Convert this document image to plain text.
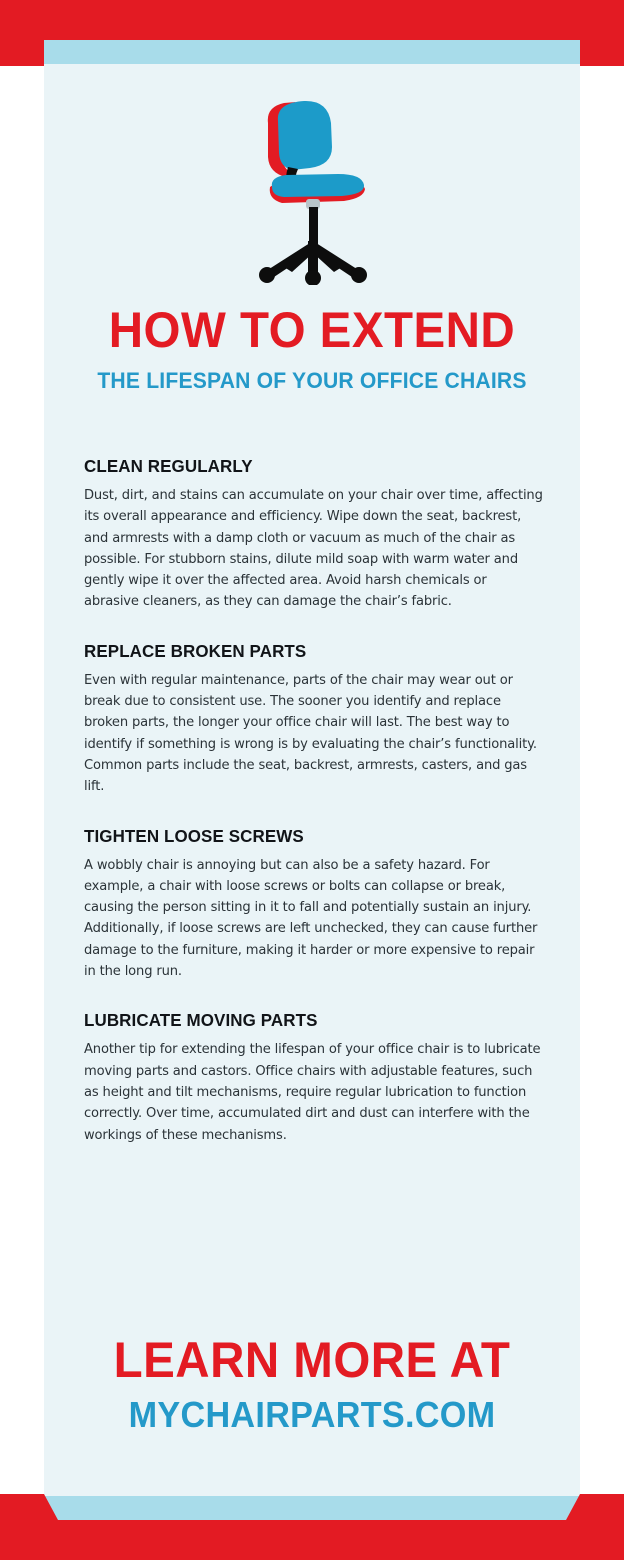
HOW TO EXTEND
THE LIFESPAN OF YOUR OFFICE CHAIRS
CLEAN REGULARLY
Dust, dirt, and stains can accumulate on your chair over time, affecting its overall appearance and efficiency. Wipe down the seat, backrest, and armrests with a damp cloth or vacuum as much of the chair as possible. For stubborn stains, dilute mild soap with warm water and gently wipe it over the affected area. Avoid harsh chemicals or abrasive cleaners, as they can damage the chair’s fabric.
REPLACE BROKEN PARTS
Even with regular maintenance, parts of the chair may wear out or break due to consistent use. The sooner you identify and replace broken parts, the longer your office chair will last. The best way to identify if something is wrong is by evaluating the chair’s functionality. Common parts include the seat, backrest, armrests, casters, and gas lift.
TIGHTEN LOOSE SCREWS
A wobbly chair is annoying but can also be a safety hazard. For example, a chair with loose screws or bolts can collapse or break, causing the person sitting in it to fall and potentially sustain an injury. Additionally, if loose screws are left unchecked, they can cause further damage to the furniture, making it harder or more expensive to repair in the long run.
LUBRICATE MOVING PARTS
Another tip for extending the lifespan of your office chair is to lubricate moving parts and castors. Office chairs with adjustable features, such as height and tilt mechanisms, require regular lubrication to function correctly. Over time, accumulated dirt and dust can interfere with the workings of these mechanisms.
LEARN MORE AT
MYCHAIRPARTS.COM
